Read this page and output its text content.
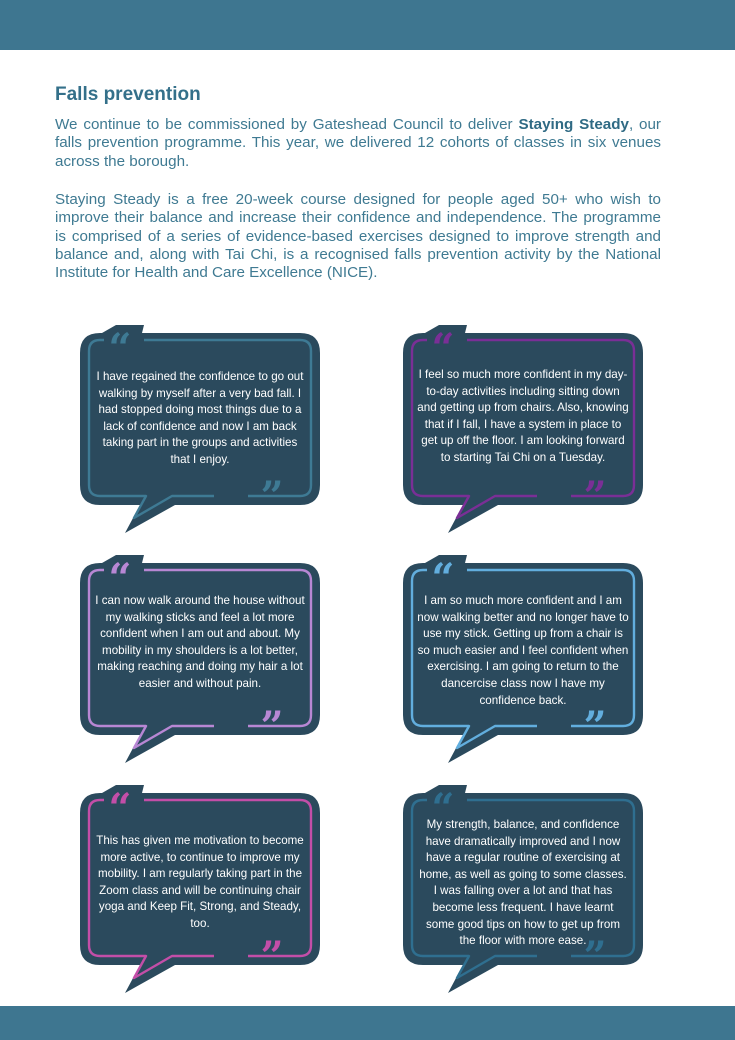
Falls prevention

We continue to be commissioned by Gateshead Council to deliver Staying Steady, our falls prevention programme. This year, we delivered 12 cohorts of classes in six venues across the borough.

Staying Steady is a free 20-week course designed for people aged 50+ who wish to improve their balance and increase their confidence and independence. The programme is comprised of a series of evidence-based exercises designed to improve strength and balance and, along with Tai Chi, is a recognised falls prevention activity by the National Institute for Health and Care Excellence (NICE).

“
I have regained the confidence to go out walking by myself after a very bad fall. I had stopped doing most things due to a lack of confidence and now I am back taking part in the groups and activities that I enjoy.
”
“
I feel so much more confident in my day-to-day activities including sitting down and getting up from chairs. Also, knowing that if I fall, I have a system in place to get up off the floor. I am looking forward to starting Tai Chi on a Tuesday.
”
“
I can now walk around the house without my walking sticks and feel a lot more confident when I am out and about. My mobility in my shoulders is a lot better, making reaching and doing my hair a lot easier and without pain.
”
“
I am so much more confident and I am now walking better and no longer have to use my stick. Getting up from a chair is so much easier and I feel confident when exercising. I am going to return to the dancercise class now I have my confidence back.
”
“
This has given me motivation to become more active, to continue to improve my mobility. I am regularly taking part in the Zoom class and will be continuing chair yoga and Keep Fit, Strong, and Steady, too.
”
“
My strength, balance, and confidence have dramatically improved and I now have a regular routine of exercising at home, as well as going to some classes. I was falling over a lot and that has become less frequent. I have learnt some good tips on how to get up from the floor with more ease.
”
